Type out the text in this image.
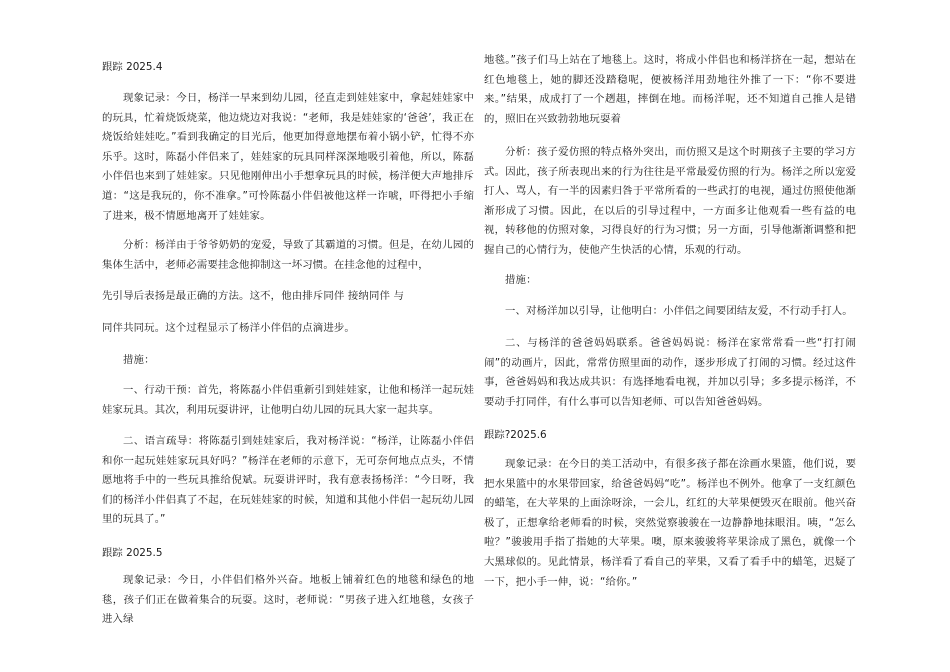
跟踪 2025.4

现象记录：今日，杨洋一早来到幼儿园，径直走到娃娃家中，拿起娃娃家中的玩具，忙着烧饭烧菜，他边烧边对我说：“老师，我是娃娃家的‘爸爸’，我正在烧饭给娃娃吃。”看到我确定的目光后，他更加得意地摆布着小锅小铲，忙得不亦乐乎。这时，陈磊小伴侣来了，娃娃家的玩具同样深深地吸引着他，所以，陈磊小伴侣也来到了娃娃家。只见他刚伸出小手想拿玩具的时候，杨洋便大声地排斥道：“这是我玩的，你不准拿。”可怜陈磊小伴侣被他这样一诈唬，吓得把小手缩了进来，极不情愿地离开了娃娃家。

分析：杨洋由于爷爷奶奶的宠爱，导致了其霸道的习惯。但是，在幼儿园的集体生活中，老师必需要挂念他抑制这一坏习惯。在挂念他的过程中，

先引导后表扬是最正确的方法。这不，他由排斥同伴 接纳同伴 与

同伴共同玩。这个过程显示了杨洋小伴侣的点滴进步。

措施：

一、行动干预：首先，将陈磊小伴侣重新引到娃娃家，让他和杨洋一起玩娃娃家玩具。其次，利用玩耍讲评，让他明白幼儿园的玩具大家一起共享。

二、语言疏导：将陈磊引到娃娃家后，我对杨洋说：“杨洋，让陈磊小伴侣和你一起玩娃娃家玩具好吗？”杨洋在老师的示意下，无可奈何地点点头，不情愿地将手中的一些玩具推给倪斌。玩耍讲评时，我有意表扬杨洋：“今日呀，我们的杨洋小伴侣真了不起，在玩娃娃家的时候，知道和其他小伴侣一起玩幼儿园里的玩具了。”

跟踪 2025.5

现象记录：今日，小伴侣们格外兴奋。地板上铺着红色的地毯和绿色的地毯，孩子们正在做着集合的玩耍。这时，老师说：“男孩子进入红地毯，女孩子进入绿

地毯。”孩子们马上站在了地毯上。这时，将成小伴侣也和杨洋挤在一起，想站在红色地毯上，她的脚还没踏稳呢，便被杨洋用劲地往外推了一下：“你不要进来。”结果，成成打了一个趔趄，摔倒在地。而杨洋呢，还不知道自己推人是错的，照旧在兴致勃勃地玩耍着

分析：孩子爱仿照的特点格外突出，而仿照又是这个时期孩子主要的学习方式。因此，孩子所表现出来的行为往往是平常最爱仿照的行为。杨洋之所以宠爱打人、骂人，有一半的因素归咎于平常所看的一些武打的电视，通过仿照使他渐渐形成了习惯。因此，在以后的引导过程中，一方面多让他观看一些有益的电视，转移他的仿照对象，习得良好的行为习惯；另一方面，引导他渐渐调整和把握自己的心情行为，使他产生快活的心情，乐观的行动。

措施：

一、对杨洋加以引导，让他明白：小伴侣之间要团结友爱，不行动手打人。

二、与杨洋的爸爸妈妈联系。爸爸妈妈说：杨洋在家常常看一些“打打闹闹”的动画片，因此，常常仿照里面的动作，逐步形成了打闹的习惯。经过这件事，爸爸妈妈和我达成共识：有选择地看电视，并加以引导；多多提示杨洋，不要动手打同伴，有什么事可以告知老师、可以告知爸爸妈妈。

跟踪?2025.6

现象记录：在今日的美工活动中，有很多孩子都在涂画水果篮，他们说，要把水果篮中的水果带回家，给爸爸妈妈“吃”。杨洋也不例外。他拿了一支红颜色的蜡笔，在大苹果的上面涂呀涂，一会儿，红红的大苹果便毁灭在眼前。他兴奋极了，正想拿给老师看的时候，突然觉察骏骏在一边静静地抹眼泪。咦，“怎么啦？”骏骏用手指了指她的大苹果。噢，原来骏骏将苹果涂成了黑色，就像一个大黑球似的。见此情景，杨洋看了看自己的苹果，又看了看手中的蜡笔，迟疑了一下，把小手一伸，说：“给你。”
